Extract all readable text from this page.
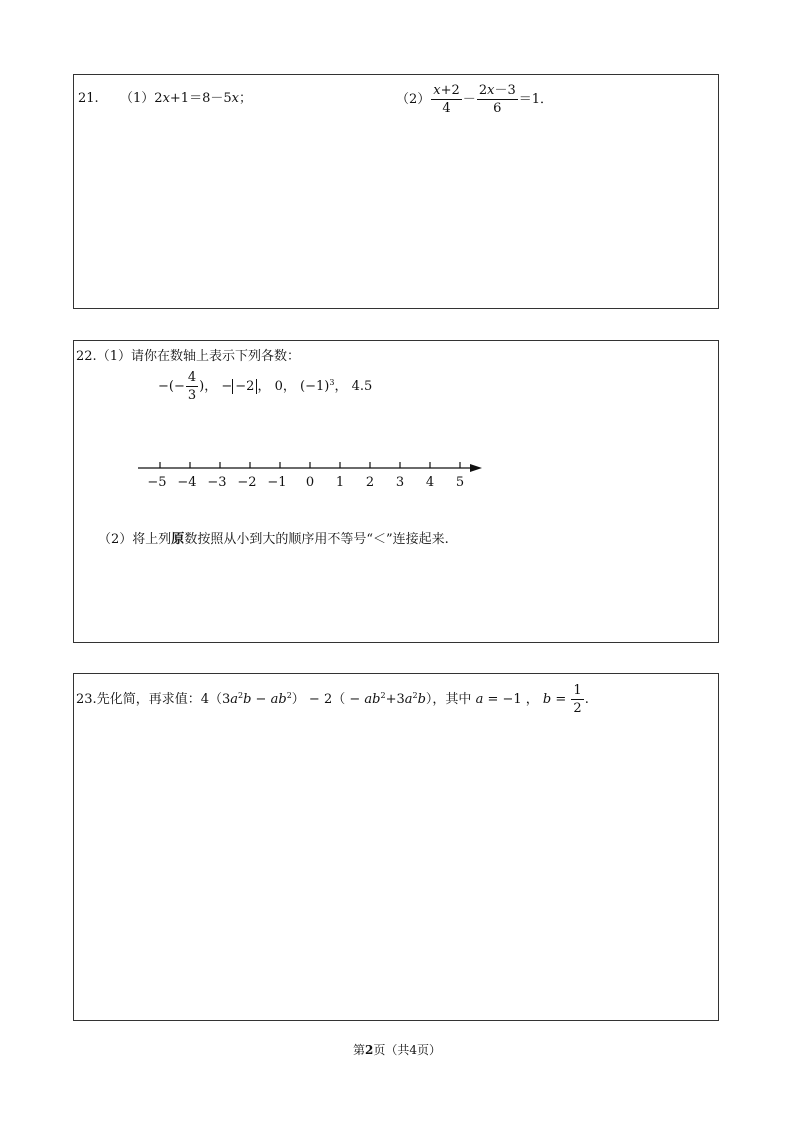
21. （1）2x+1＝8－5x；	$(2) \frac{x+2}{4} - \frac{2x-3}{6} =1$．
22.（1）请你在数轴上表示下列各数：
−(− $\frac{4}{3}$ )， − −2 ， 0， $(-1)^3$， 4.5
−5 −4 −3 −2 −1	0	1	2	3	4	5
（2）将上列原数按照从小到大的顺序用不等号“＜”连接起来.
23.先化简，再求值：$4(3a^2b - ab^2) - 2( - ab^2+3a^2b)$，其中 a = −1 ， $b = \frac{1}{2}$ .
第2页（共4页）
